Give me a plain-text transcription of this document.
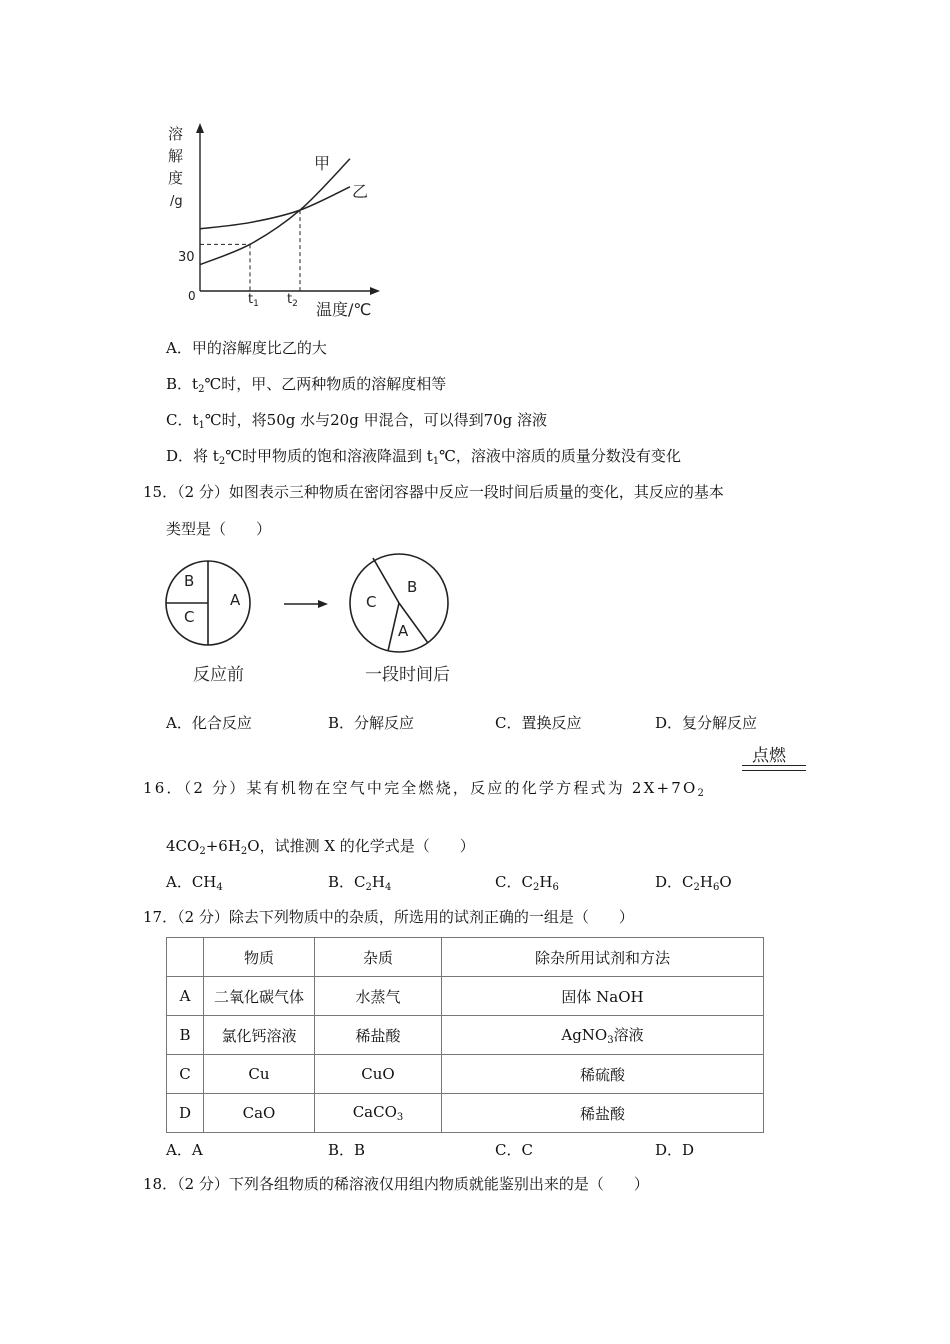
溶
解
度
/g
30
0	$t_1$ $t_2$ 温度/℃
甲
乙
A．甲的溶解度比乙的大
B．$t_2℃$时，甲、乙两种物质的溶解度相等
C．$t_1℃$时，将50g 水与20g 甲混合，可以得到70g 溶液
D．将 $t_2℃$时甲物质的饱和溶液降温到 $t_1℃$，溶液中溶质的质量分数没有变化
15．（2 分）如图表示三种物质在密闭容器中反应一段时间后质量的变化，其反应的基本
类型是（　　）
B
C
A	C
B
A
反应前	一段时间后
A．化合反应	B．分解反应	C．置换反应	D．复分解反应
点燃
16．（2 分）某有机物在空气中完全燃烧，反应的化学方程式为 $2X+7O_2$
$4CO_2+6H_2O$，试推测 X 的化学式是（　　）
A．$CH_4$	B．$C_2H_4$	C．$C_2H_6$	D．$C_2H_6O$
17．（2 分）除去下列物质中的杂质，所选用的试剂正确的一组是（　　）
	物质	杂质	除杂所用试剂和方法
A	二氧化碳气体	水蒸气	固体 NaOH
B	氯化钙溶液	稀盐酸	AgNO$_3$溶液
C	Cu	CuO	稀硫酸
D	CaO	CaCO$_3$	稀盐酸
A．A	B．B	C．C	D．D
18．（2 分）下列各组物质的稀溶液仅用组内物质就能鉴别出来的是（　　）
